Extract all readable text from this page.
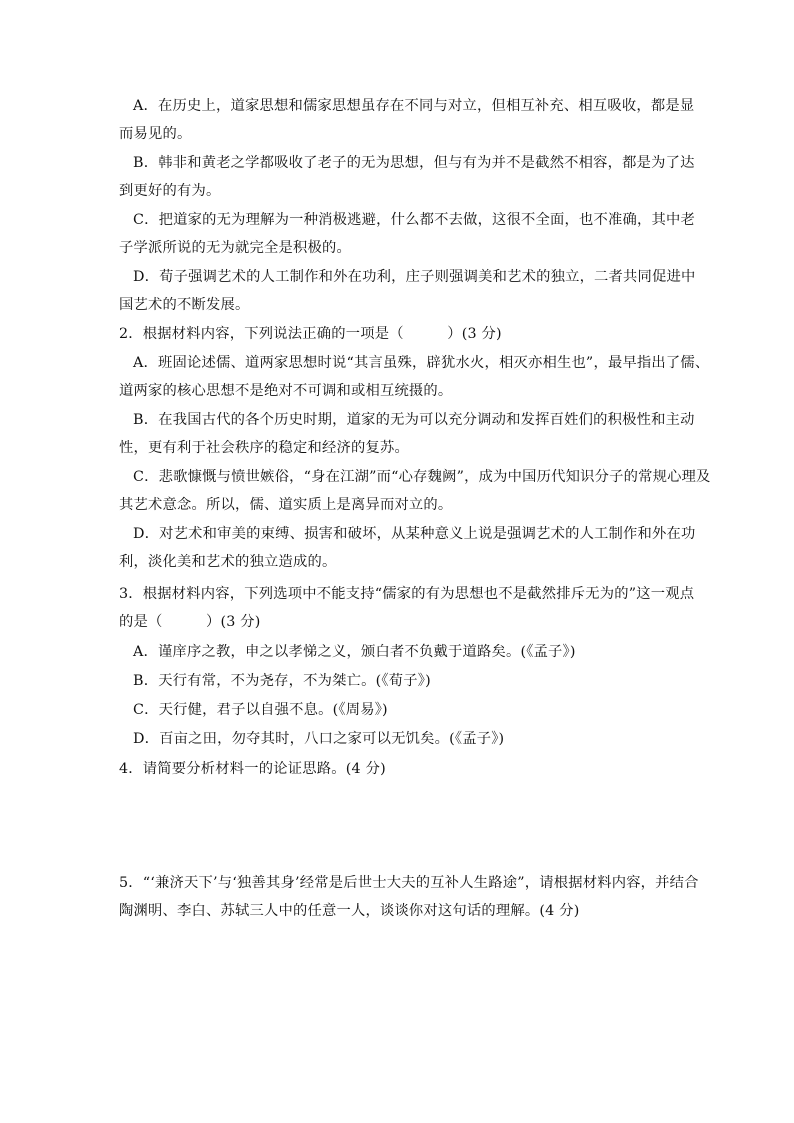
A．在历史上，道家思想和儒家思想虽存在不同与对立，但相互补充、相互吸收，都是显
而易见的。
B．韩非和黄老之学都吸收了老子的无为思想，但与有为并不是截然不相容，都是为了达
到更好的有为。
C．把道家的无为理解为一种消极逃避，什么都不去做，这很不全面，也不准确，其中老
子学派所说的无为就完全是积极的。
D．荀子强调艺术的人工制作和外在功利，庄子则强调美和艺术的独立，二者共同促进中
国艺术的不断发展。
2．根据材料内容，下列说法正确的一项是（　　　）(3 分)
A．班固论述儒、道两家思想时说“其言虽殊，辟犹水火，相灭亦相生也”，最早指出了儒、
道两家的核心思想不是绝对不可调和或相互统摄的。
B．在我国古代的各个历史时期，道家的无为可以充分调动和发挥百姓们的积极性和主动
性，更有利于社会秩序的稳定和经济的复苏。
C．悲歌慷慨与愤世嫉俗，“身在江湖”而“心存魏阙”，成为中国历代知识分子的常规心理及
其艺术意念。所以，儒、道实质上是离异而对立的。
D．对艺术和审美的束缚、损害和破坏，从某种意义上说是强调艺术的人工制作和外在功
利，淡化美和艺术的独立造成的。
3．根据材料内容，下列选项中不能支持“儒家的有为思想也不是截然排斥无为的”这一观点
的是（　　　）(3 分)
A．谨庠序之教，申之以孝悌之义，颁白者不负戴于道路矣。(《孟子》)
B．天行有常，不为尧存，不为桀亡。(《荀子》)
C．天行健，君子以自强不息。(《周易》)
D．百亩之田，勿夺其时，八口之家可以无饥矣。(《孟子》)
4．请简要分析材料一的论证思路。(4 分)
5．“‘兼济天下’与‘独善其身’经常是后世士大夫的互补人生路途”，请根据材料内容，并结合
陶渊明、李白、苏轼三人中的任意一人，谈谈你对这句话的理解。(4 分)
